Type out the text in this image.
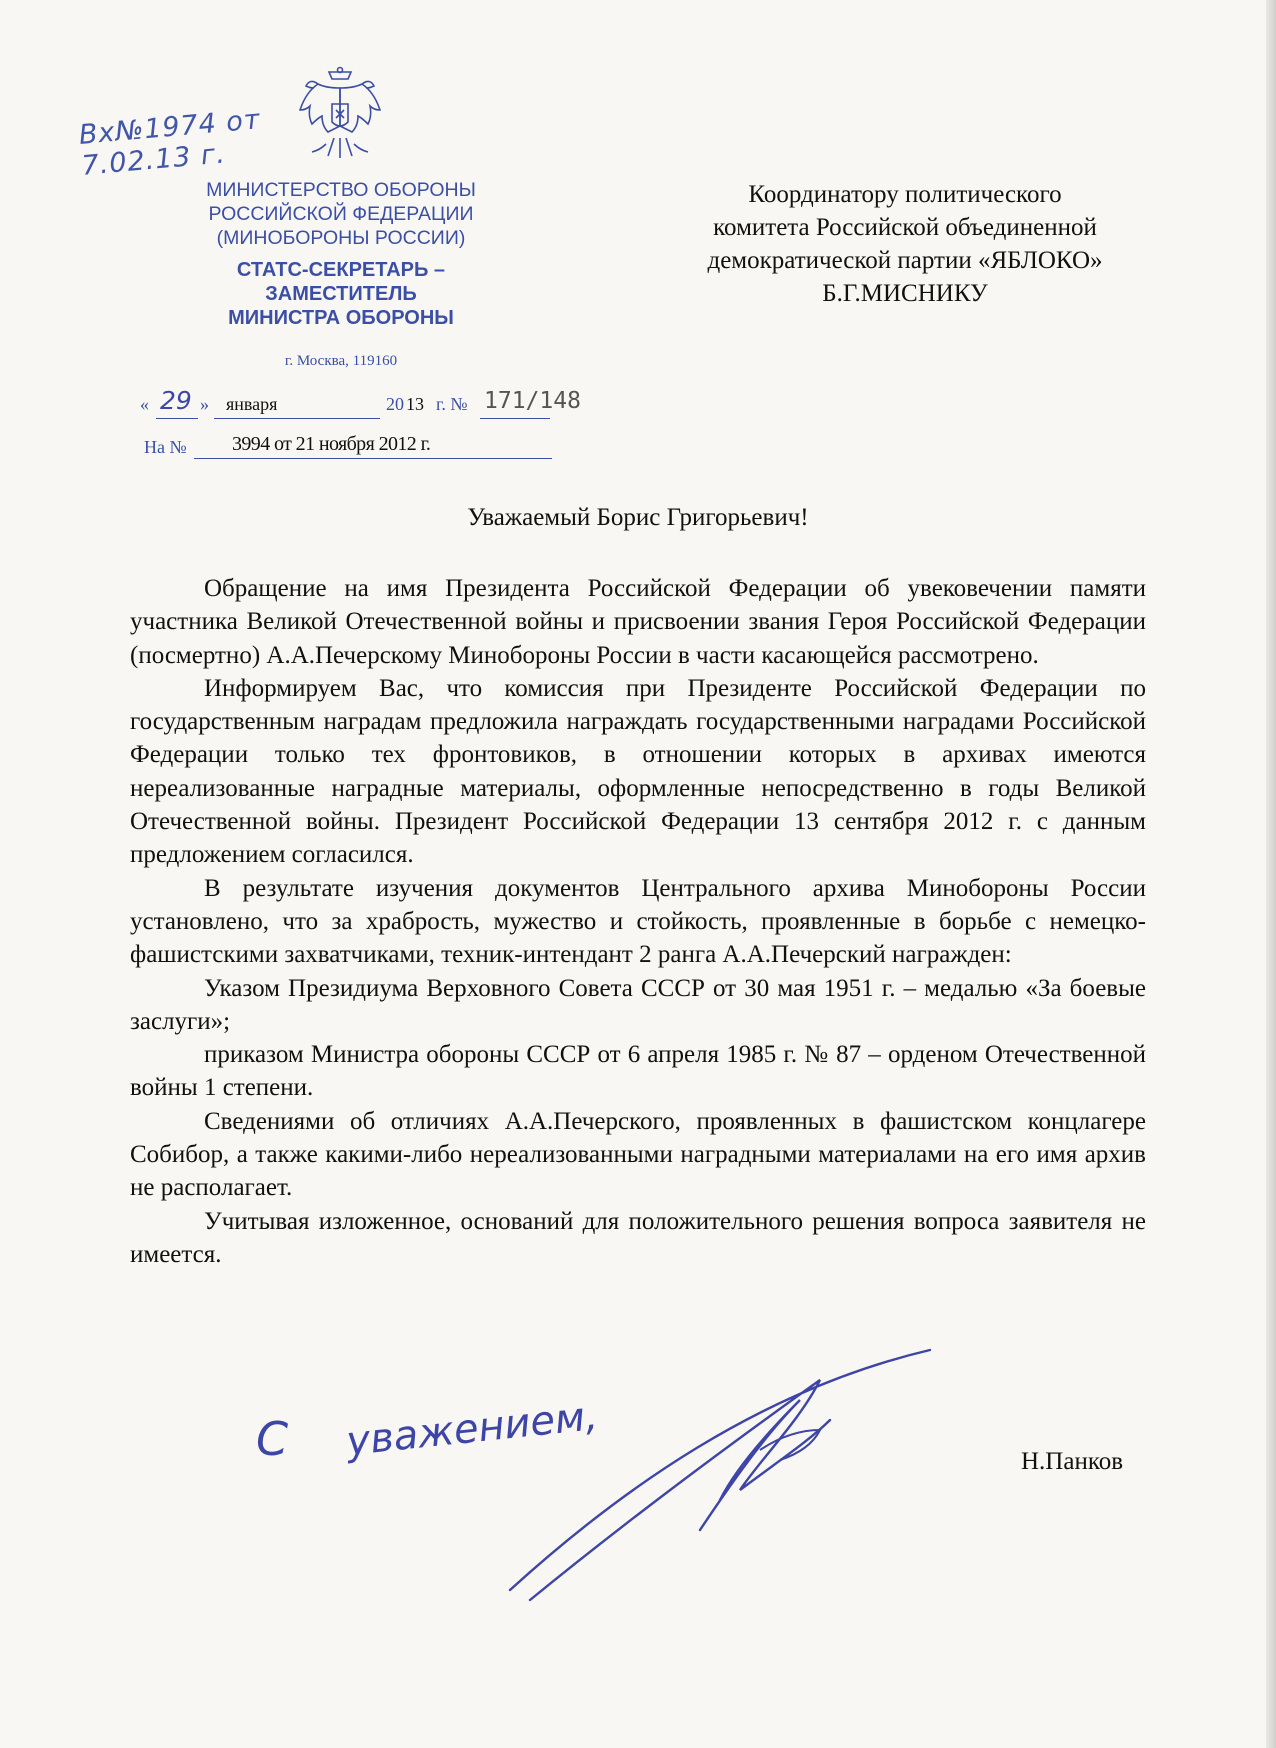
Вх№1974 от
7.02.13 г.
МИНИСТЕРСТВО ОБОРОНЫ
РОССИЙСКОЙ ФЕДЕРАЦИИ
(МИНОБОРОНЫ РОССИИ)
СТАТС-СЕКРЕТАРЬ –
ЗАМЕСТИТЕЛЬ
МИНИСТРА ОБОРОНЫ
г. Москва, 119160
« 29 » января	20 13 г. № 171/148
На № 3994 от 21 ноября 2012 г.
Координатору политического
комитета Российской объединенной
демократической партии «ЯБЛОКО»
Б.Г.МИСНИКУ
Уважаемый Борис Григорьевич!

Обращение на имя Президента Российской Федерации об увековечении памяти участника Великой Отечественной войны и присвоении звания Героя Российской Федерации (посмертно) А.А.Печерскому Минобороны России в части касающейся рассмотрено.

Информируем Вас, что комиссия при Президенте Российской Федерации по государственным наградам предложила награждать государственными наградами Российской Федерации только тех фронтовиков, в отношении которых в архивах имеются нереализованные наградные материалы, оформленные непосредственно в годы Великой Отечественной войны. Президент Российской Федерации 13 сентября 2012 г. с данным предложением согласился.

В результате изучения документов Центрального архива Минобороны России установлено, что за храбрость, мужество и стойкость, проявленные в борьбе с немецко-фашистскими захватчиками, техник-интендант 2 ранга А.А.Печерский награжден:

Указом Президиума Верховного Совета СССР от 30 мая 1951 г. – медалью «За боевые заслуги»;

приказом Министра обороны СССР от 6 апреля 1985 г. № 87 – орденом Отечественной войны 1 степени.

Сведениями об отличиях А.А.Печерского, проявленных в фашистском концлагере Собибор, а также какими-либо нереализованными наградными материалами на его имя архив не располагает.

Учитывая изложенное, оснований для положительного решения вопроса заявителя не имеется.

С уважением,	Н.Панков
